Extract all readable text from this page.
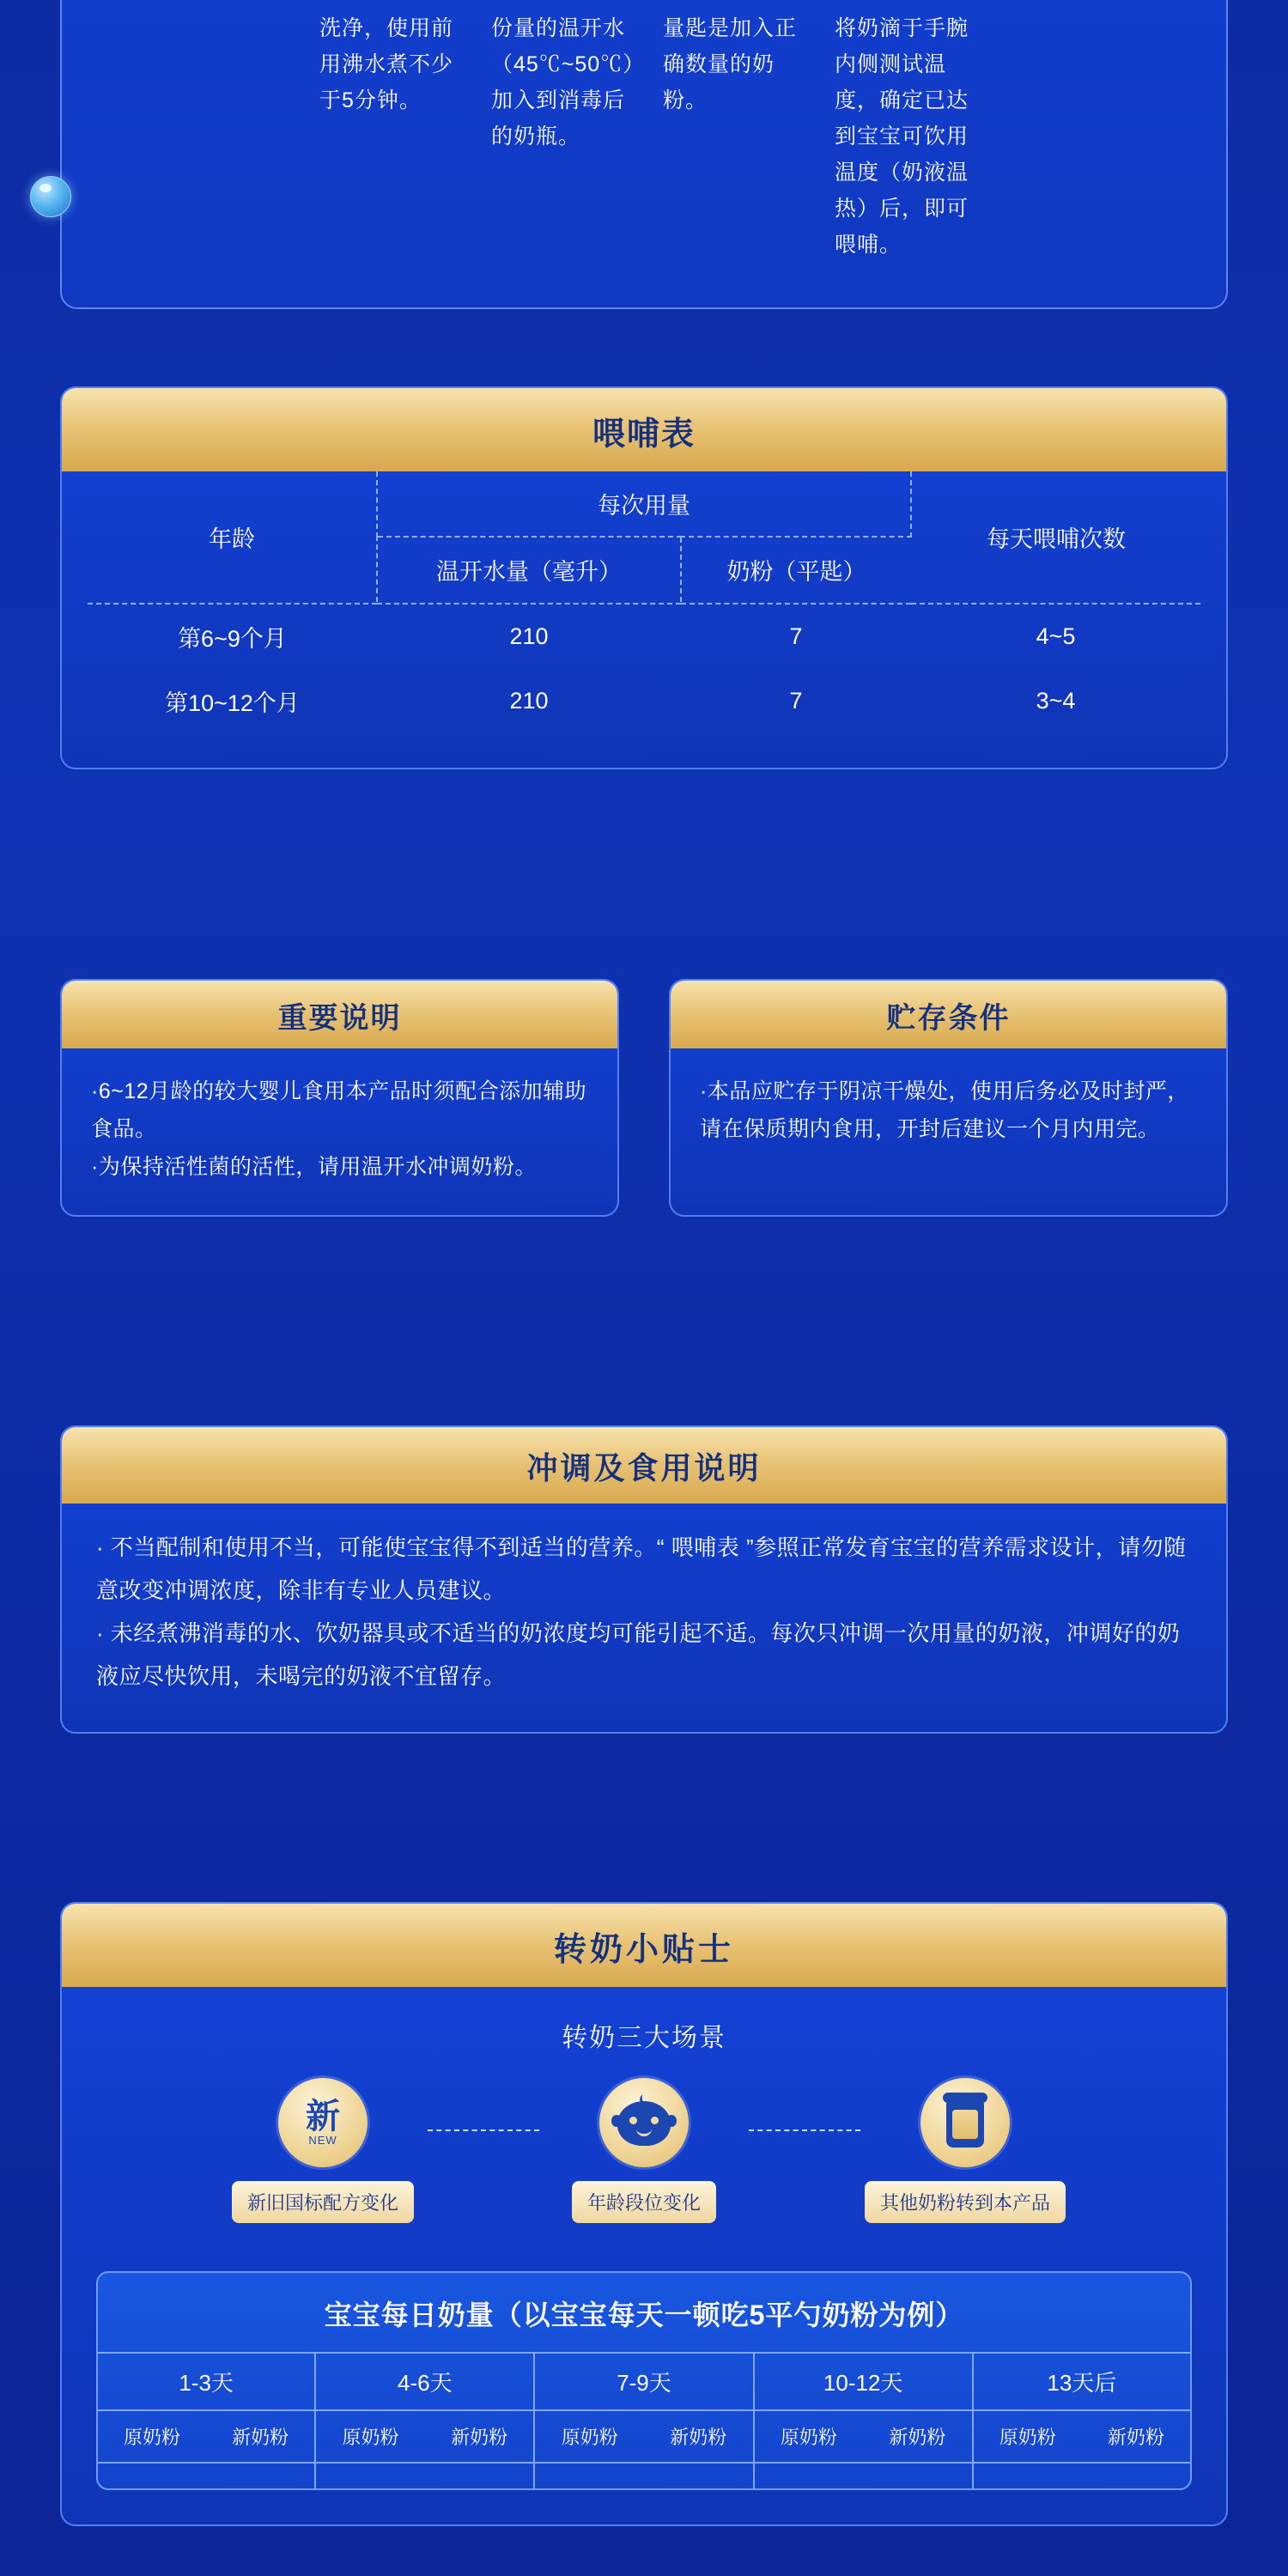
洗净，使用前用沸水煮不少于5分钟。
份量的温开水（45℃~50℃）加入到消毒后的奶瓶。
量匙是加入正确数量的奶粉。
将奶滴于手腕内侧测试温度，确定已达到宝宝可饮用温度（奶液温热）后，即可喂哺。
喂哺表
年龄	每次用量		每天喂哺次数
	温开水量（毫升）	奶粉（平匙）	

第6~9个月	210	7	4~5
第10~12个月	210	7	3~4
重要说明
·6~12月龄的较大婴儿食用本产品时须配合添加辅助食品。
·为保持活性菌的活性，请用温开水冲调奶粉。
贮存条件
·本品应贮存于阴凉干燥处，使用后务必及时封严，请在保质期内食用，开封后建议一个月内用完。
冲调及食用说明
· 不当配制和使用不当，可能使宝宝得不到适当的营养。“ 喂哺表 ”参照正常发育宝宝的营养需求设计，请勿随意改变冲调浓度，除非有专业人员建议。
· 未经煮沸消毒的水、饮奶器具或不适当的奶浓度均可能引起不适。每次只冲调一次用量的奶液，冲调好的奶液应尽快饮用，未喝完的奶液不宜留存。
转奶小贴士
转奶三大场景
新
NEW
新旧国标配方变化	年龄段位变化	其他奶粉转到本产品
宝宝每日奶量（以宝宝每天一顿吃5平勺奶粉为例）
1-3天	4-6天	7-9天	10-12天	13天后

原奶粉 新奶粉	原奶粉 新奶粉	原奶粉 新奶粉	原奶粉 新奶粉	原奶粉 新奶粉
